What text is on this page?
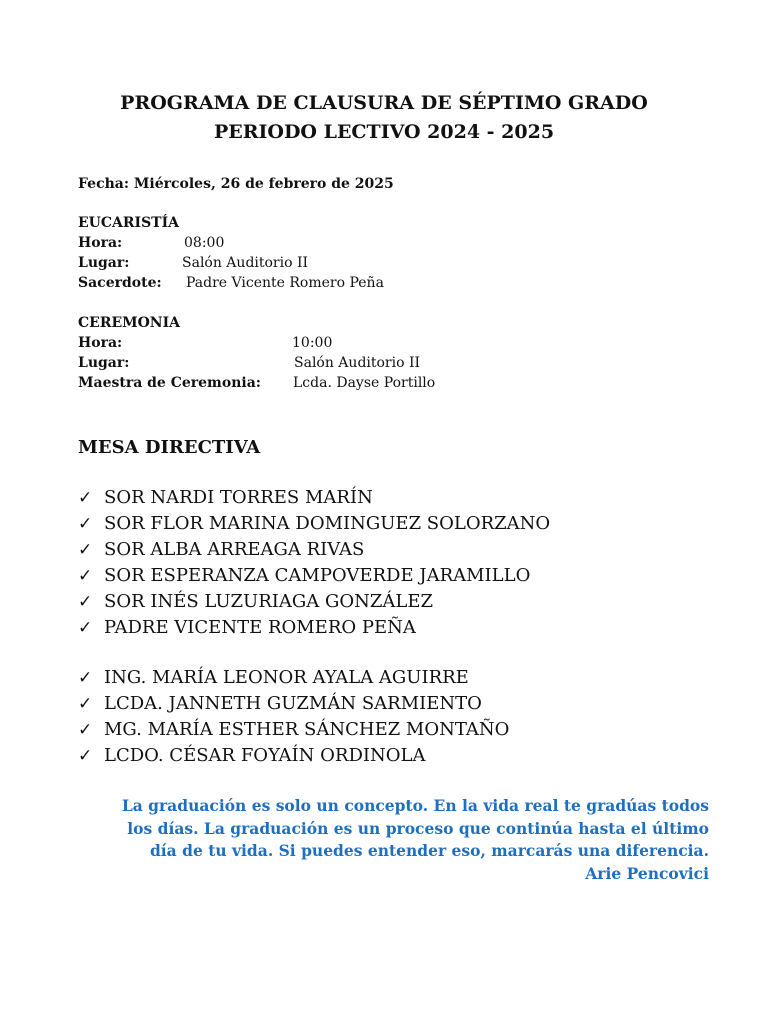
PROGRAMA DE CLAUSURA DE SÉPTIMO GRADO
PERIODO LECTIVO 2024 - 2025
Fecha: Miércoles, 26 de febrero de 2025
EUCARISTÍA
Hora:	08:00
Lugar:	Salón Auditorio II
Sacerdote: Padre Vicente Romero Peña
CEREMONIA
Hora:	10:00
Lugar:	Salón Auditorio II
Maestra de Ceremonia: Lcda. Dayse Portillo
MESA DIRECTIVA
✓ SOR NARDI TORRES MARÍN
✓ SOR FLOR MARINA DOMINGUEZ SOLORZANO
✓ SOR ALBA ARREAGA RIVAS
✓ SOR ESPERANZA CAMPOVERDE JARAMILLO
✓ SOR INÉS LUZURIAGA GONZÁLEZ
✓ PADRE VICENTE ROMERO PEÑA
✓ ING. MARÍA LEONOR AYALA AGUIRRE
✓ LCDA. JANNETH GUZMÁN SARMIENTO
✓ MG. MARÍA ESTHER SÁNCHEZ MONTAÑO
✓ LCDO. CÉSAR FOYAÍN ORDINOLA
La graduación es solo un concepto. En la vida real te gradúas todos
los días. La graduación es un proceso que continúa hasta el último
día de tu vida. Si puedes entender eso, marcarás una diferencia.
Arie Pencovici
